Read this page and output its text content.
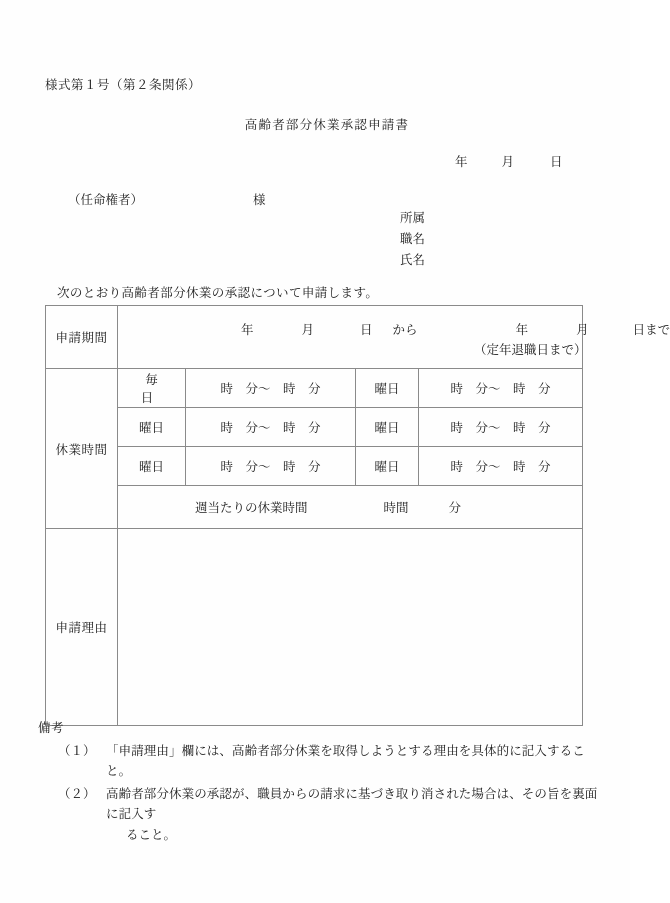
様式第１号（第２条関係）
高齢者部分休業承認申請書
年	月	日
（任命権者）	様
所属
職名
氏名
次のとおり高齢者部分休業の承認について申請します。
申請期間	年 月 日 から 年 月 日まで
（定年退職日まで）			

休業時間	毎　日	時　分〜　時　分	曜日	時　分〜　時　分
	曜日	時　分〜　時　分	曜日	時　分〜　時　分
	曜日	時　分〜　時　分	曜日	時　分〜　時　分
	週当たりの休業時間 時間 分			
申請理由				
備考
（１） 「申請理由」欄には、高齢者部分休業を取得しようとする理由を具体的に記入すること。
（２） 高齢者部分休業の承認が、職員からの請求に基づき取り消された場合は、その旨を裏面に記入す
ること。
